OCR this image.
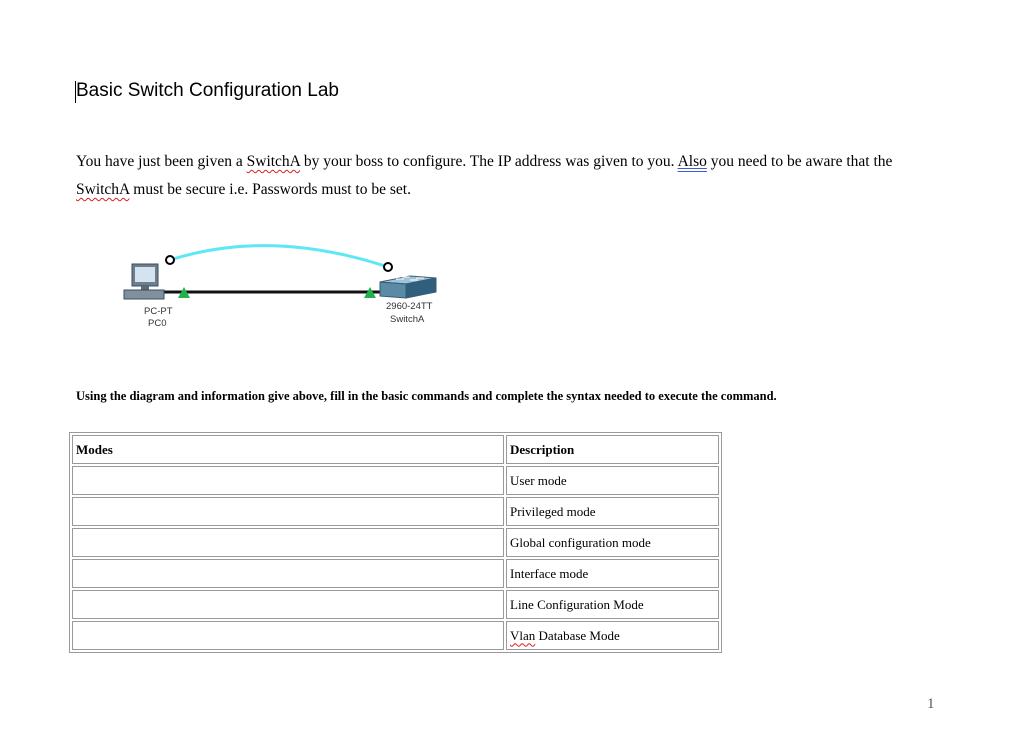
Basic Switch Configuration Lab
You have just been given a SwitchA by your boss to configure. The IP address was given to you. Also you need to be aware that the
SwitchA must be secure i.e. Passwords must to be set.
PC-PT
PC0
2960-24TT
SwitchA
Using the diagram and information give above, fill in the basic commands and complete the syntax needed to execute the command.
Modes	Description
	User mode
	Privileged mode
	Global configuration mode
	Interface mode
	Line Configuration Mode
	Vlan Database Mode
1
